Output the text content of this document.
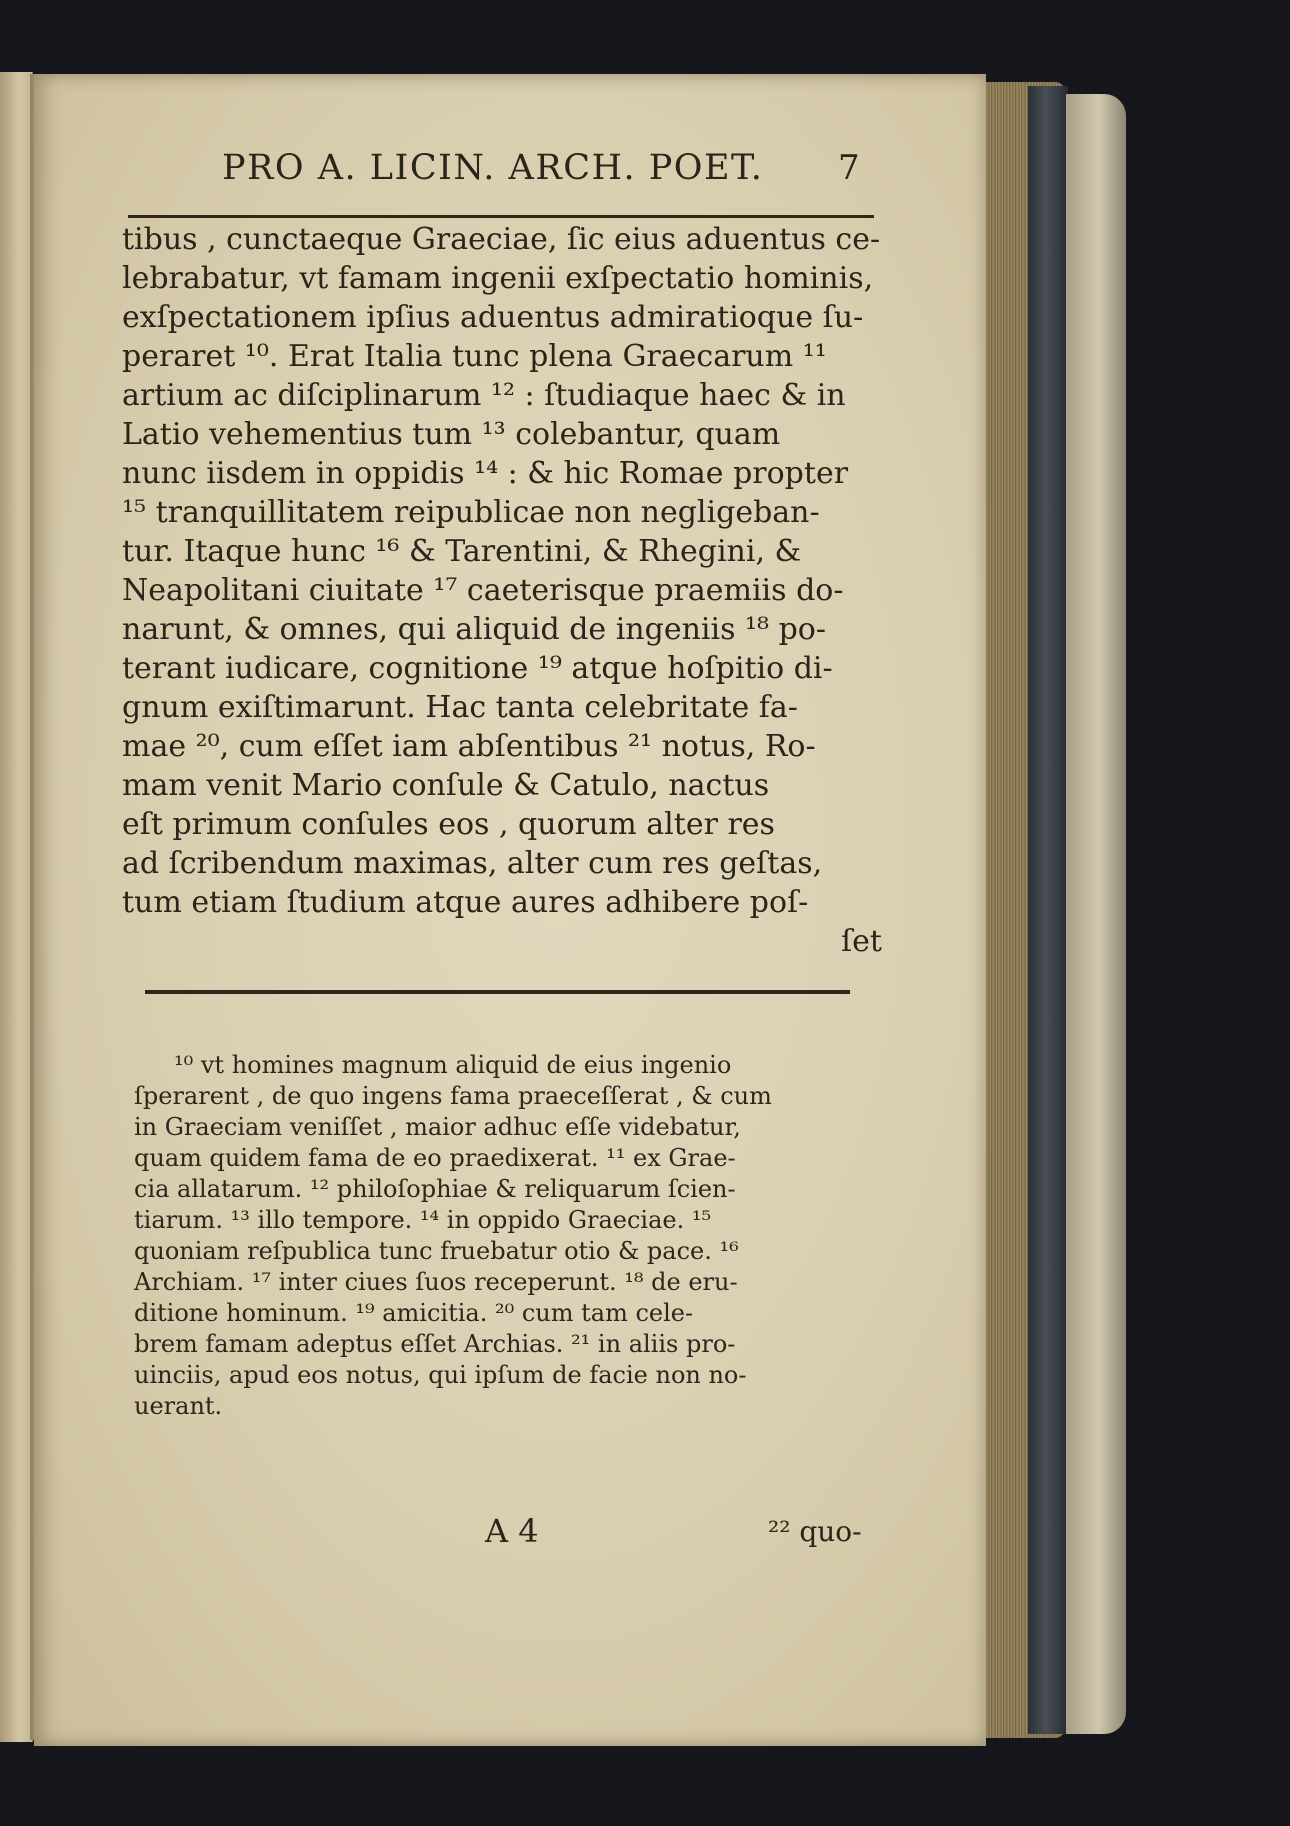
PRO A. LICIN. ARCH. POET. 7
tibus , cunctaeque Graeciae, ſic eius aduentus ce-
lebrabatur, vt famam ingenii exſpectatio hominis,
exſpectationem ipſius aduentus admiratioque ſu-
peraret ¹⁰. Erat Italia tunc plena Graecarum ¹¹
artium ac diſciplinarum ¹² : ſtudiaque haec & in
Latio vehementius tum ¹³ colebantur, quam
nunc iisdem in oppidis ¹⁴ : & hic Romae propter
¹⁵ tranquillitatem reipublicae non negligeban-
tur. Itaque hunc ¹⁶ & Tarentini, & Rhegini, &
Neapolitani ciuitate ¹⁷ caeterisque praemiis do-
narunt, & omnes, qui aliquid de ingeniis ¹⁸ po-
terant iudicare, cognitione ¹⁹ atque hoſpitio di-
gnum exiſtimarunt. Hac tanta celebritate fa-
mae ²⁰, cum eſſet iam abſentibus ²¹ notus, Ro-
mam venit Mario conſule & Catulo, nactus
eſt primum conſules eos , quorum alter res
ad ſcribendum maximas, alter cum res geſtas,
tum etiam ſtudium atque aures adhibere poſ-
ſet
¹⁰ vt homines magnum aliquid de eius ingenio
ſperarent , de quo ingens fama praeceſſerat , & cum
in Graeciam veniſſet , maior adhuc eſſe videbatur,
quam quidem fama de eo praedixerat. ¹¹ ex Grae-
cia allatarum. ¹² philoſophiae & reliquarum ſcien-
tiarum. ¹³ illo tempore. ¹⁴ in oppido Graeciae. ¹⁵
quoniam reſpublica tunc fruebatur otio & pace. ¹⁶
Archiam. ¹⁷ inter ciues ſuos receperunt. ¹⁸ de eru-
ditione hominum. ¹⁹ amicitia. ²⁰ cum tam cele-
brem famam adeptus eſſet Archias. ²¹ in aliis pro-
uinciis, apud eos notus, qui ipſum de facie non no-
uerant.
A 4	²² quo-
